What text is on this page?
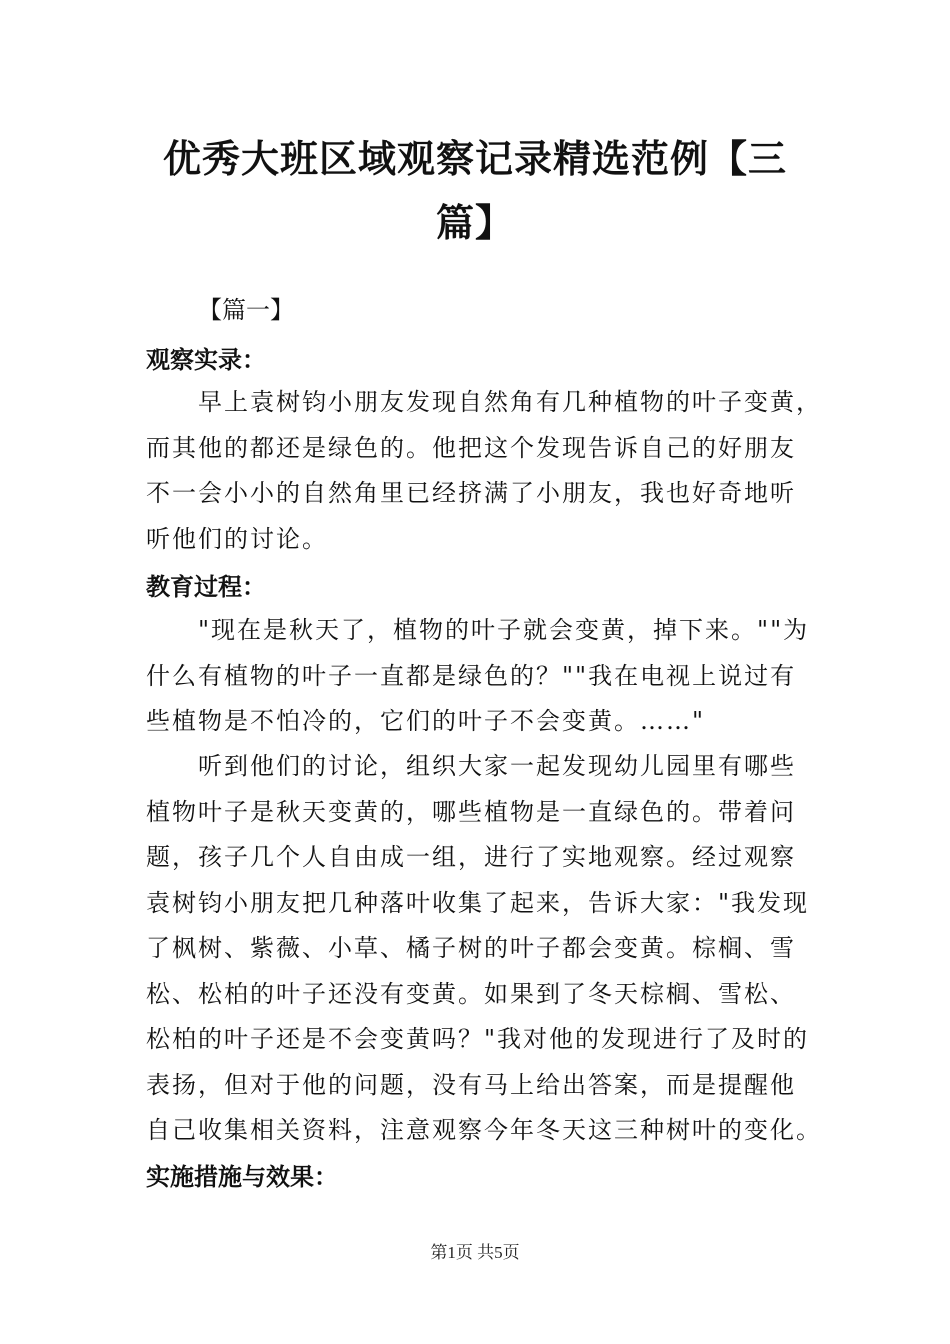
优秀大班区域观察记录精选范例【三
篇】
【篇一】
观察实录：
早上袁树钧小朋友发现自然角有几种植物的叶子变黄，
而其他的都还是绿色的。他把这个发现告诉自己的好朋友
不一会小小的自然角里已经挤满了小朋友，我也好奇地听
听他们的讨论。
教育过程：
"现在是秋天了，植物的叶子就会变黄，掉下来。""为
什么有植物的叶子一直都是绿色的？""我在电视上说过有
些植物是不怕冷的，它们的叶子不会变黄。……"
听到他们的讨论，组织大家一起发现幼儿园里有哪些
植物叶子是秋天变黄的，哪些植物是一直绿色的。带着问
题，孩子几个人自由成一组，进行了实地观察。经过观察
袁树钧小朋友把几种落叶收集了起来，告诉大家："我发现
了枫树、紫薇、小草、橘子树的叶子都会变黄。棕榈、雪
松、松柏的叶子还没有变黄。如果到了冬天棕榈、雪松、
松柏的叶子还是不会变黄吗？"我对他的发现进行了及时的
表扬，但对于他的问题，没有马上给出答案，而是提醒他
自己收集相关资料，注意观察今年冬天这三种树叶的变化。
实施措施与效果：
第1页 共5页
